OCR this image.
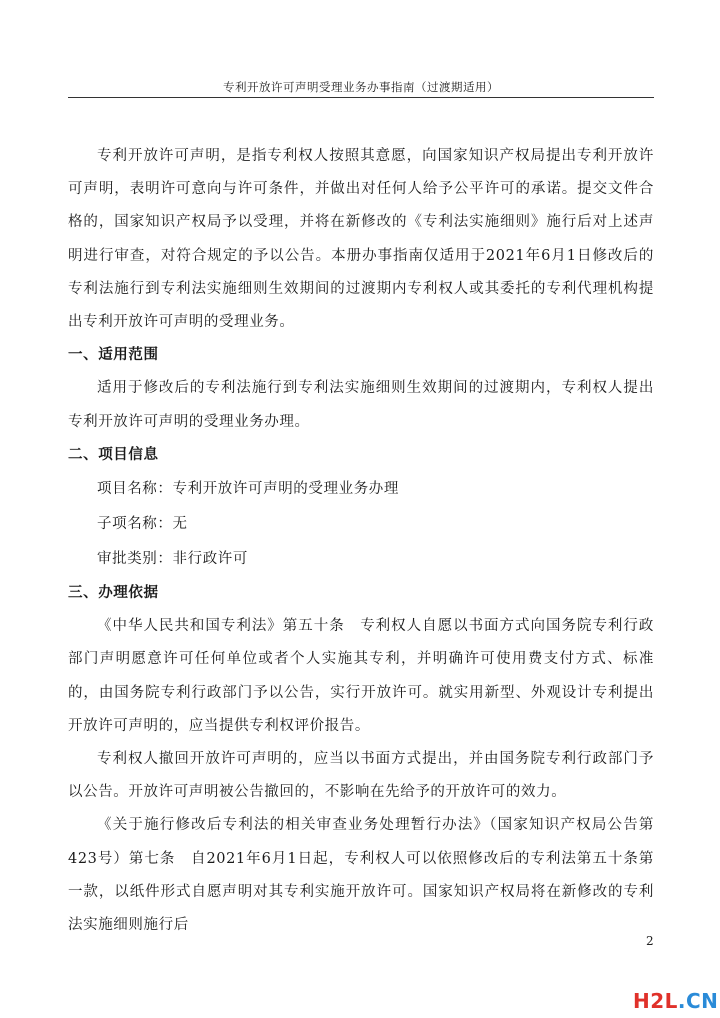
专利开放许可声明受理业务办事指南（过渡期适用）

专利开放许可声明，是指专利权人按照其意愿，向国家知识产权局提出专利开放许可声明，表明许可意向与许可条件，并做出对任何人给予公平许可的承诺。提交文件合格的，国家知识产权局予以受理，并将在新修改的《专利法实施细则》施行后对上述声明进行审查，对符合规定的予以公告。本册办事指南仅适用于2021年6月1日修改后的专利法施行到专利法实施细则生效期间的过渡期内专利权人或其委托的专利代理机构提出专利开放许可声明的受理业务。

一、适用范围

适用于修改后的专利法施行到专利法实施细则生效期间的过渡期内，专利权人提出专利开放许可声明的受理业务办理。

二、项目信息

项目名称：专利开放许可声明的受理业务办理

子项名称：无

审批类别：非行政许可

三、办理依据

《中华人民共和国专利法》第五十条　专利权人自愿以书面方式向国务院专利行政部门声明愿意许可任何单位或者个人实施其专利，并明确许可使用费支付方式、标准的，由国务院专利行政部门予以公告，实行开放许可。就实用新型、外观设计专利提出开放许可声明的，应当提供专利权评价报告。

专利权人撤回开放许可声明的，应当以书面方式提出，并由国务院专利行政部门予以公告。开放许可声明被公告撤回的，不影响在先给予的开放许可的效力。

《关于施行修改后专利法的相关审查业务处理暂行办法》（国家知识产权局公告第423号）第七条　自2021年6月1日起，专利权人可以依照修改后的专利法第五十条第一款，以纸件形式自愿声明对其专利实施开放许可。国家知识产权局将在新修改的专利法实施细则施行后

2
H2L.CN
